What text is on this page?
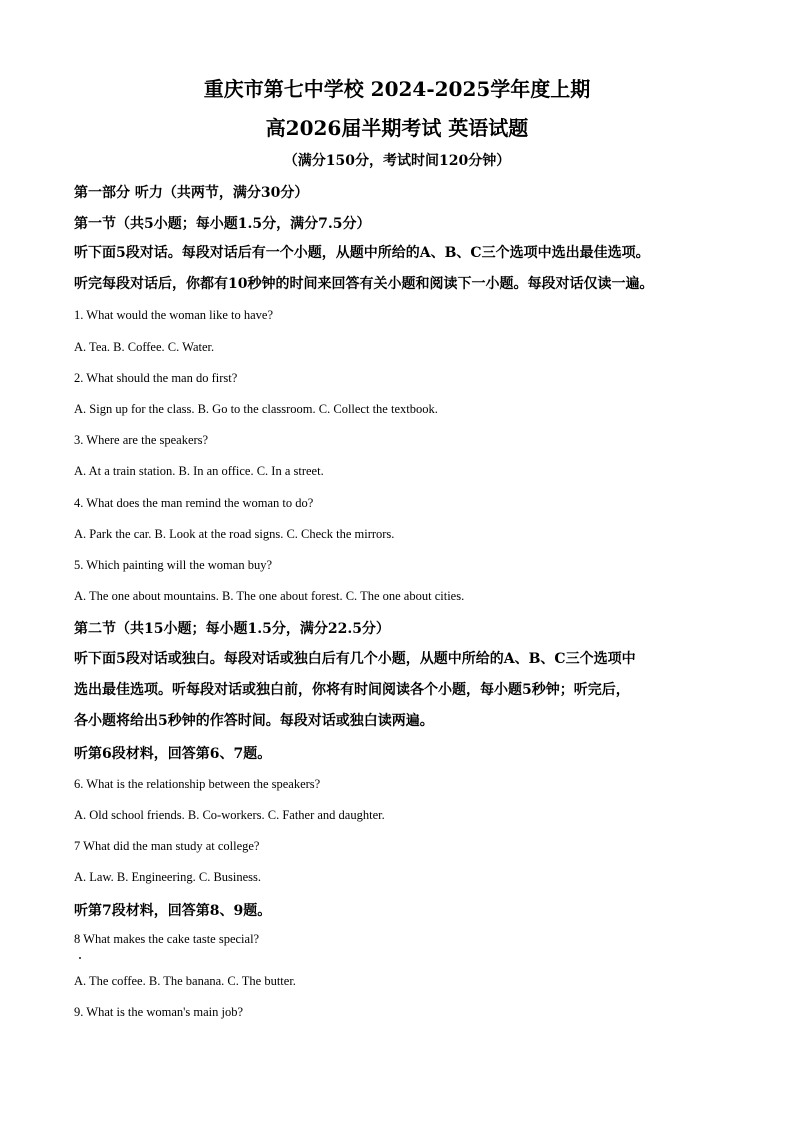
重庆市第七中学校 2024-2025学年度上期
高2026届半期考试 英语试题
（满分150分，考试时间120分钟）
第一部分 听力（共两节，满分30分）
第一节（共5小题；每小题1.5分，满分7.5分）
听下面5段对话。每段对话后有一个小题，从题中所给的A、B、C三个选项中选出最佳选项。
听完每段对话后，你都有10秒钟的时间来回答有关小题和阅读下一小题。每段对话仅读一遍。
1. What would the woman like to have?
A. Tea. B. Coffee. C. Water.
2. What should the man do first?
A. Sign up for the class. B. Go to the classroom. C. Collect the textbook.
3. Where are the speakers?
A. At a train station. B. In an office. C. In a street.
4. What does the man remind the woman to do?
A. Park the car. B. Look at the road signs. C. Check the mirrors.
5. Which painting will the woman buy?
A. The one about mountains. B. The one about forest. C. The one about cities.
第二节（共15小题；每小题1.5分，满分22.5分）
听下面5段对话或独白。每段对话或独白后有几个小题，从题中所给的A、B、C三个选项中
选出最佳选项。听每段对话或独白前，你将有时间阅读各个小题，每小题5秒钟；听完后，
各小题将给出5秒钟的作答时间。每段对话或独白读两遍。
听第6段材料，回答第6、7题。
6. What is the relationship between the speakers?
A. Old school friends. B. Co-workers. C. Father and daughter.
7 What did the man study at college?
A. Law. B. Engineering. C. Business.
听第7段材料，回答第8、9题。
8 What makes the cake taste special?
A. The coffee. B. The banana. C. The butter.
9. What is the woman's main job?
